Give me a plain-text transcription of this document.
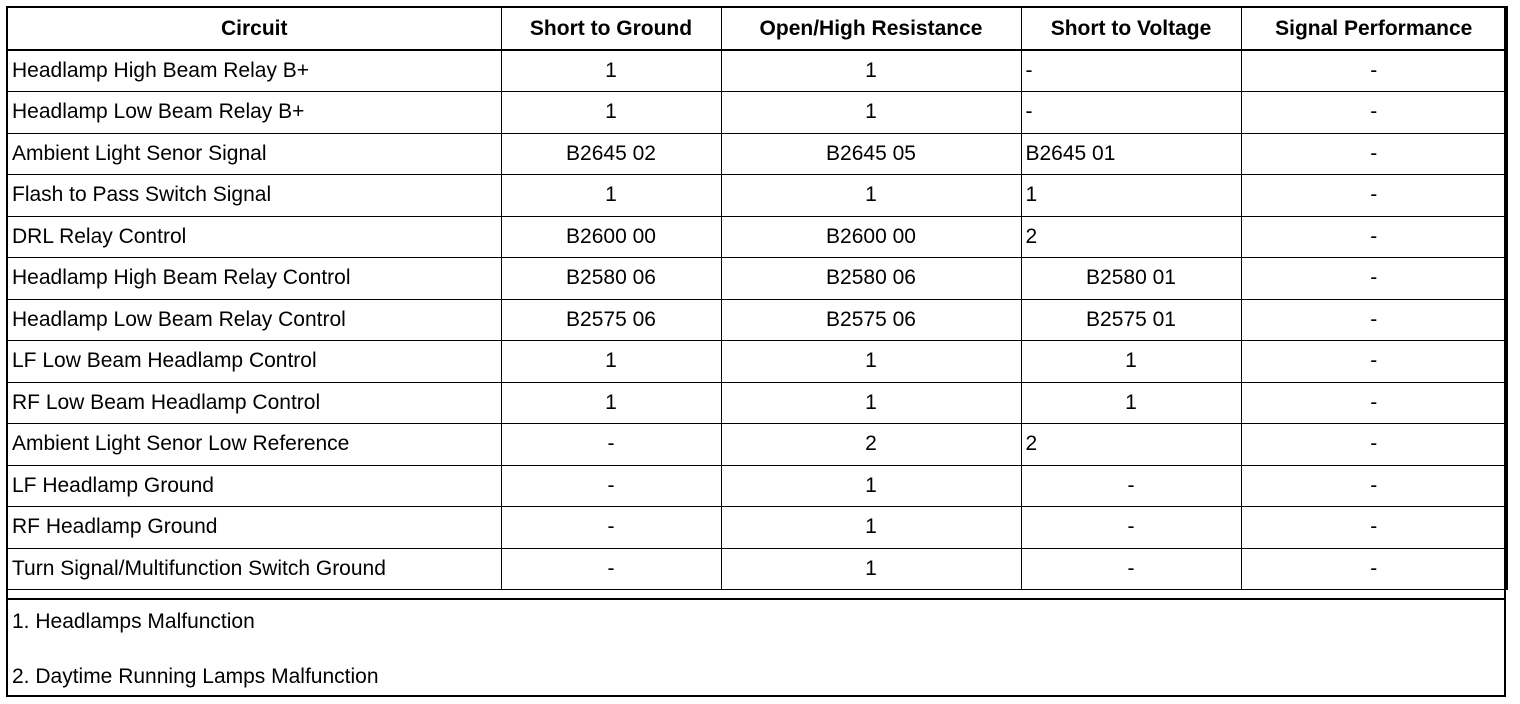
Circuit	Short to Ground	Open/High Resistance	Short to Voltage	Signal Performance
Headlamp High Beam Relay B+	1	1	-	-
Headlamp Low Beam Relay B+	1	1	-	-
Ambient Light Senor Signal	B2645 02	B2645 05	B2645 01	-
Flash to Pass Switch Signal	1	1	1	-
DRL Relay Control	B2600 00	B2600 00	2	-
Headlamp High Beam Relay Control	B2580 06	B2580 06	B2580 01	-
Headlamp Low Beam Relay Control	B2575 06	B2575 06	B2575 01	-
LF Low Beam Headlamp Control	1	1	1	-
RF Low Beam Headlamp Control	1	1	1	-
Ambient Light Senor Low Reference	-	2	2	-
LF Headlamp Ground	-	1	-	-
RF Headlamp Ground	-	1	-	-
Turn Signal/Multifunction Switch Ground	-	1	-	-
1. Headlamps Malfunction
2. Daytime Running Lamps Malfunction
